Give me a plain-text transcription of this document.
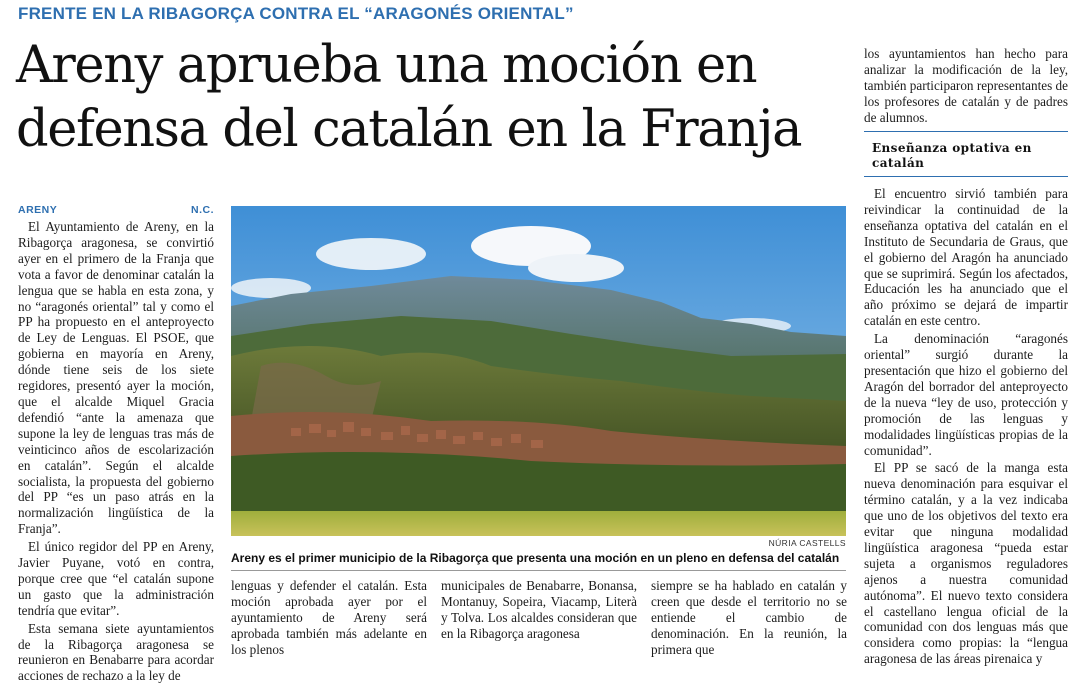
FRENTE EN LA RIBAGORÇA CONTRA EL “ARAGONÉS ORIENTAL”
Areny aprueba una moción en defensa del catalán en la Franja
ARENY	N.C.

El Ayuntamiento de Areny, en la Ribagorça aragonesa, se convirtió ayer en el primero de la Franja que vota a favor de denominar catalán la lengua que se habla en esta zona, y no “aragonés oriental” tal y como el PP ha propuesto en el anteproyecto de Ley de Lenguas. El PSOE, que gobierna en mayoría en Areny, dónde tiene seis de los siete regidores, presentó ayer la moción, que el alcalde Miquel Gracia defendió “ante la amenaza que supone la ley de lenguas tras más de veinticinco años de escolarización en catalán”. Según el alcalde socialista, la propuesta del gobierno del PP “es un paso atrás en la normalización lingüística de la Franja”.

El único regidor del PP en Areny, Javier Puyane, votó en contra, porque cree que “el catalán supone un gasto que la administración tendría que evitar”.

Esta semana siete ayuntamientos de la Ribagorça aragonesa se reunieron en Benabarre para acordar acciones de rechazo a la ley de

NÚRIA CASTELLS
Areny es el primer municipio de la Ribagorça que presenta una moción en un pleno en defensa del catalán

lenguas y defender el catalán. Esta moción aprobada ayer por el ayuntamiento de Areny será aprobada también más adelante en los plenos

municipales de Benabarre, Bonansa, Montanuy, Sopeira, Viacamp, Literà y Tolva. Los alcaldes consideran que en la Ribagorça aragonesa

siempre se ha hablado en catalán y creen que desde el territorio no se entiende el cambio de denominación. En la reunión, la primera que

los ayuntamientos han hecho para analizar la modificación de la ley, también participaron representantes de los profesores de catalán y de padres de alumnos.

Enseñanza optativa en catalán

El encuentro sirvió también para reivindicar la continuidad de la enseñanza optativa del catalán en el Instituto de Secundaria de Graus, que el gobierno del Aragón ha anunciado que se suprimirá. Según los afectados, Educación les ha anunciado que el año próximo se dejará de impartir catalán en este centro.

La denominación “aragonés oriental” surgió durante la presentación que hizo el gobierno del Aragón del borrador del anteproyecto de la nueva “ley de uso, protección y promoción de las lenguas y modalidades lingüísticas propias de la comunidad”.

El PP se sacó de la manga esta nueva denominación para esquivar el término catalán, y a la vez indicaba que uno de los objetivos del texto era evitar que ninguna modalidad lingüística aragonesa “pueda estar sujeta a organismos reguladores ajenos a nuestra comunidad autónoma”. El nuevo texto considera el castellano lengua oficial de la comunidad con dos lenguas más que considera como propias: la “lengua aragonesa de las áreas pirenaica y
